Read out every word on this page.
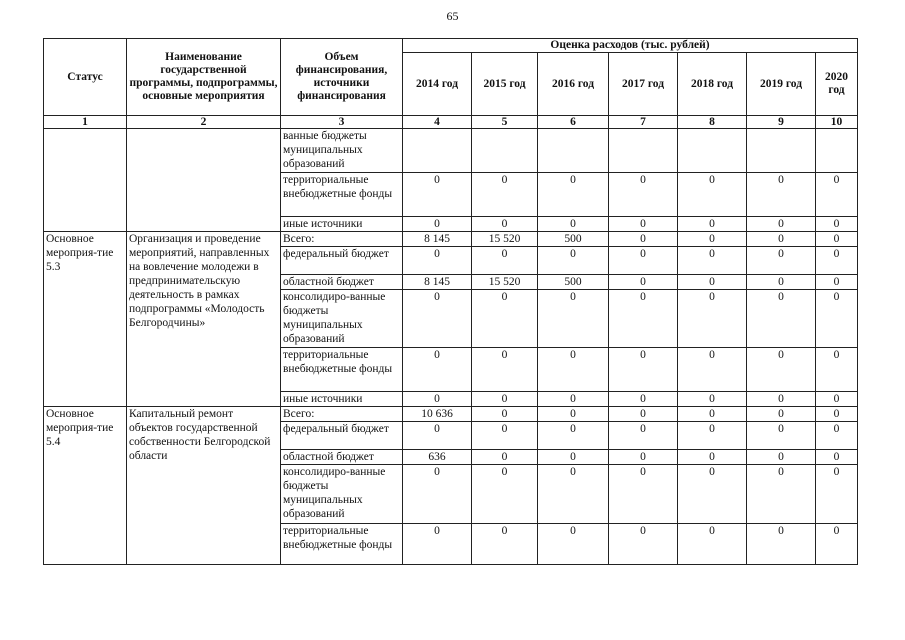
65
Статус	Наименование государственной программы, подпрограммы, основные мероприятия	Объем финансирования, источники финансирования	Оценка расходов (тыс. рублей)						
			2014 год	2015 год	2016 год	2017 год	2018 год	2019 год	2020 год
1	2	3	4	5	6	7	8	9	10
		ванные бюджеты муниципальных образований							
		территориальные внебюджетные фонды	0	0	0	0	0	0	0
		иные источники	0	0	0	0	0	0	0
Основное мероприя-тие 5.3	Организация и проведение мероприятий, направленных на вовлечение молодежи в предпринимательскую деятельность в рамках подпрограммы «Молодость Белгородчины»	Всего:	8 145	15 520	500	0	0	0	0
		федеральный бюджет	0	0	0	0	0	0	0
		областной бюджет	8 145	15 520	500	0	0	0	0
		консолидиро-ванные бюджеты муниципальных образований	0	0	0	0	0	0	0
		территориальные внебюджетные фонды	0	0	0	0	0	0	0
		иные источники	0	0	0	0	0	0	0
Основное мероприя-тие 5.4	Капитальный ремонт объектов государственной собственности Белгородской области	Всего:	10 636	0	0	0	0	0	0
		федеральный бюджет	0	0	0	0	0	0	0
		областной бюджет	636	0	0	0	0	0	0
		консолидиро-ванные бюджеты муниципальных образований	0	0	0	0	0	0	0
		территориальные внебюджетные фонды	0	0	0	0	0	0	0
